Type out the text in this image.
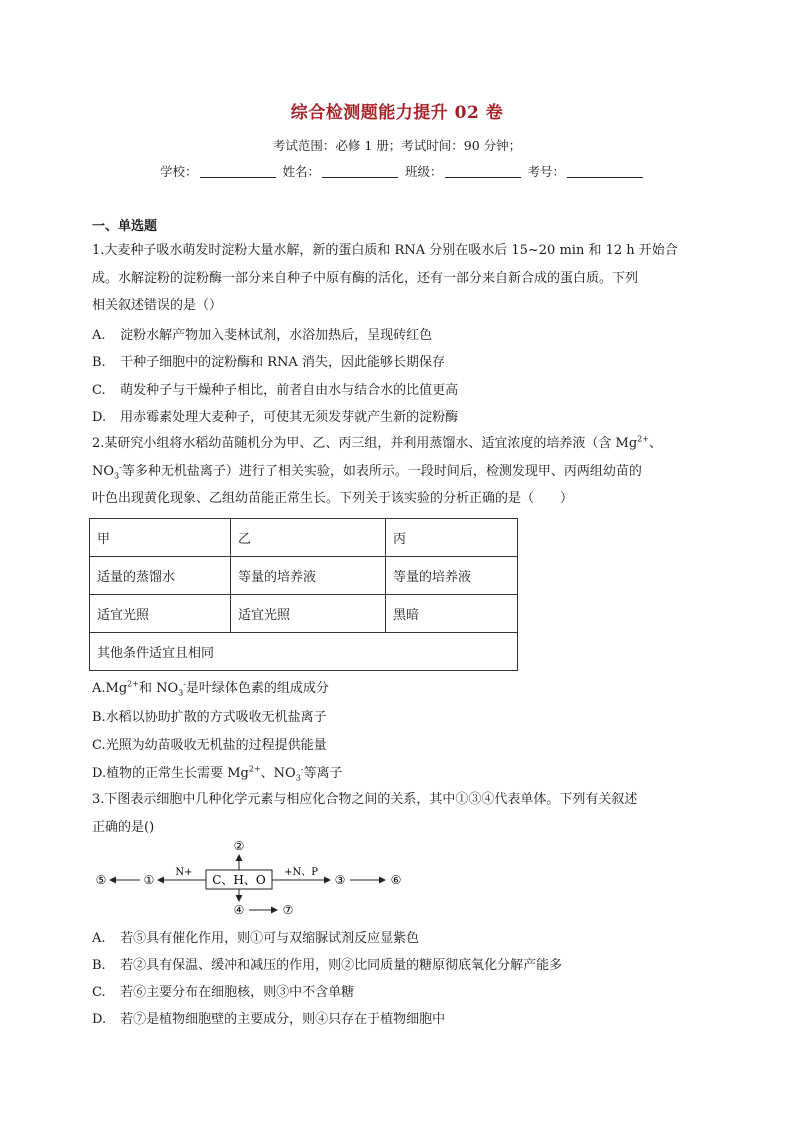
综合检测题能力提升 02 卷
考试范围：必修 1 册；考试时间：90 分钟；
学校：	姓名：	班级：	考号：
一、单选题
1.大麦种子吸水萌发时淀粉大量水解，新的蛋白质和 RNA 分别在吸水后 15~20 min 和 12 h 开始合
成。水解淀粉的淀粉酶一部分来自种子中原有酶的活化，还有一部分来自新合成的蛋白质。下列
相关叙述错误的是（）
A. 淀粉水解产物加入斐林试剂，水浴加热后，呈现砖红色
B. 干种子细胞中的淀粉酶和 RNA 消失，因此能够长期保存
C. 萌发种子与干燥种子相比，前者自由水与结合水的比值更高
D. 用赤霉素处理大麦种子，可使其无须发芽就产生新的淀粉酶
2.某研究小组将水稻幼苗随机分为甲、乙、丙三组，并利用蒸馏水、适宜浓度的培养液（含 $Mg^{2+}$、
$NO_3^-$等多种无机盐离子）进行了相关实验，如表所示。一段时间后，检测发现甲、丙两组幼苗的
叶色出现黄化现象、乙组幼苗能正常生长。下列关于该实验的分析正确的是（　　）
甲	乙	丙
适量的蒸馏水	等量的培养液	等量的培养液
适宜光照	适宜光照	黑暗
其他条件适宜且相同		
$A.Mg^{2+}$和 $NO_3^-$是叶绿体色素的组成成分
B.水稻以协助扩散的方式吸收无机盐离子
C.光照为幼苗吸收无机盐的过程提供能量
D.植物的正常生长需要 $Mg^{2+}$、$NO_3^-$等离子
3.下图表示细胞中几种化学元素与相应化合物之间的关系，其中①③④代表单体。下列有关叙述
正确的是()
C、H、O
②
N+
①
⑤
+N、P
③	⑥
④	⑦
A. 若⑤具有催化作用，则①可与双缩脲试剂反应显紫色
B. 若②具有保温、缓冲和减压的作用，则②比同质量的糖原彻底氧化分解产能多
C. 若⑥主要分布在细胞核，则③中不含单糖
D. 若⑦是植物细胞壁的主要成分，则④只存在于植物细胞中
